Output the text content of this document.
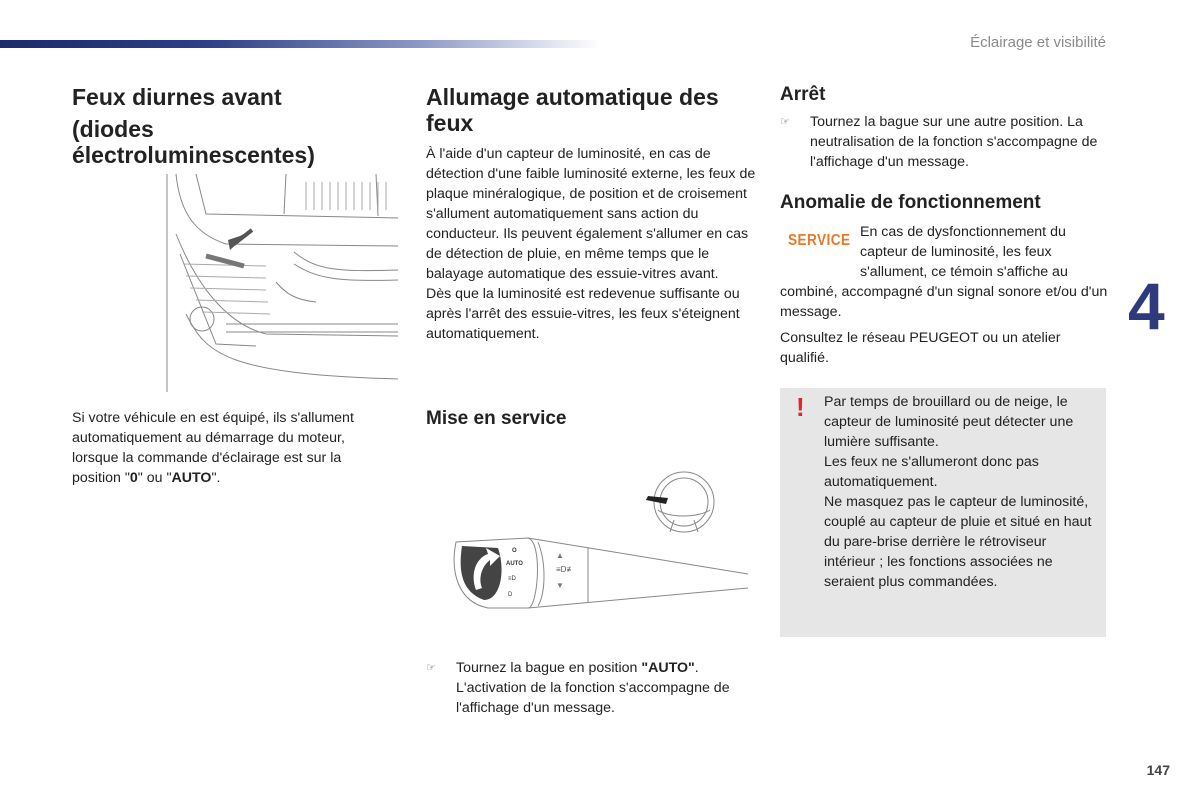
Éclairage et visibilité
4
147
Feux diurnes avant
(diodes électroluminescentes)

Si votre véhicule en est équipé, ils s'allument automatiquement au démarrage du moteur, lorsque la commande d'éclairage est sur la position "0" ou "AUTO".

Allumage automatique des feux

À l'aide d'un capteur de luminosité, en cas de détection d'une faible luminosité externe, les feux de plaque minéralogique, de position et de croisement s'allument automatiquement sans action du conducteur. Ils peuvent également s'allumer en cas de détection de pluie, en même temps que le balayage automatique des essuie-vitres avant.

Dès que la luminosité est redevenue suffisante ou après l'arrêt des essuie-vitres, les feux s'éteignent automatiquement.

Mise en service
O
AUTO
≡D
D
≡D≢
▲
▼

☞ Tournez la bague en position "AUTO". L'activation de la fonction s'accompagne de l'affichage d'un message.

Arrêt

☞ Tournez la bague sur une autre position. La neutralisation de la fonction s'accompagne de l'affichage d'un message.

Anomalie de fonctionnement
SERVICE En cas de dysfonctionnement du capteur de luminosité, les feux s'allument, ce témoin s'affiche au combiné, accompagné d'un signal sonore et/ou d'un message.

Consultez le réseau PEUGEOT ou un atelier qualifié.

! Par temps de brouillard ou de neige, le capteur de luminosité peut détecter une lumière suffisante.

Les feux ne s'allumeront donc pas automatiquement.

Ne masquez pas le capteur de luminosité, couplé au capteur de pluie et situé en haut du pare-brise derrière le rétroviseur intérieur ; les fonctions associées ne seraient plus commandées.
